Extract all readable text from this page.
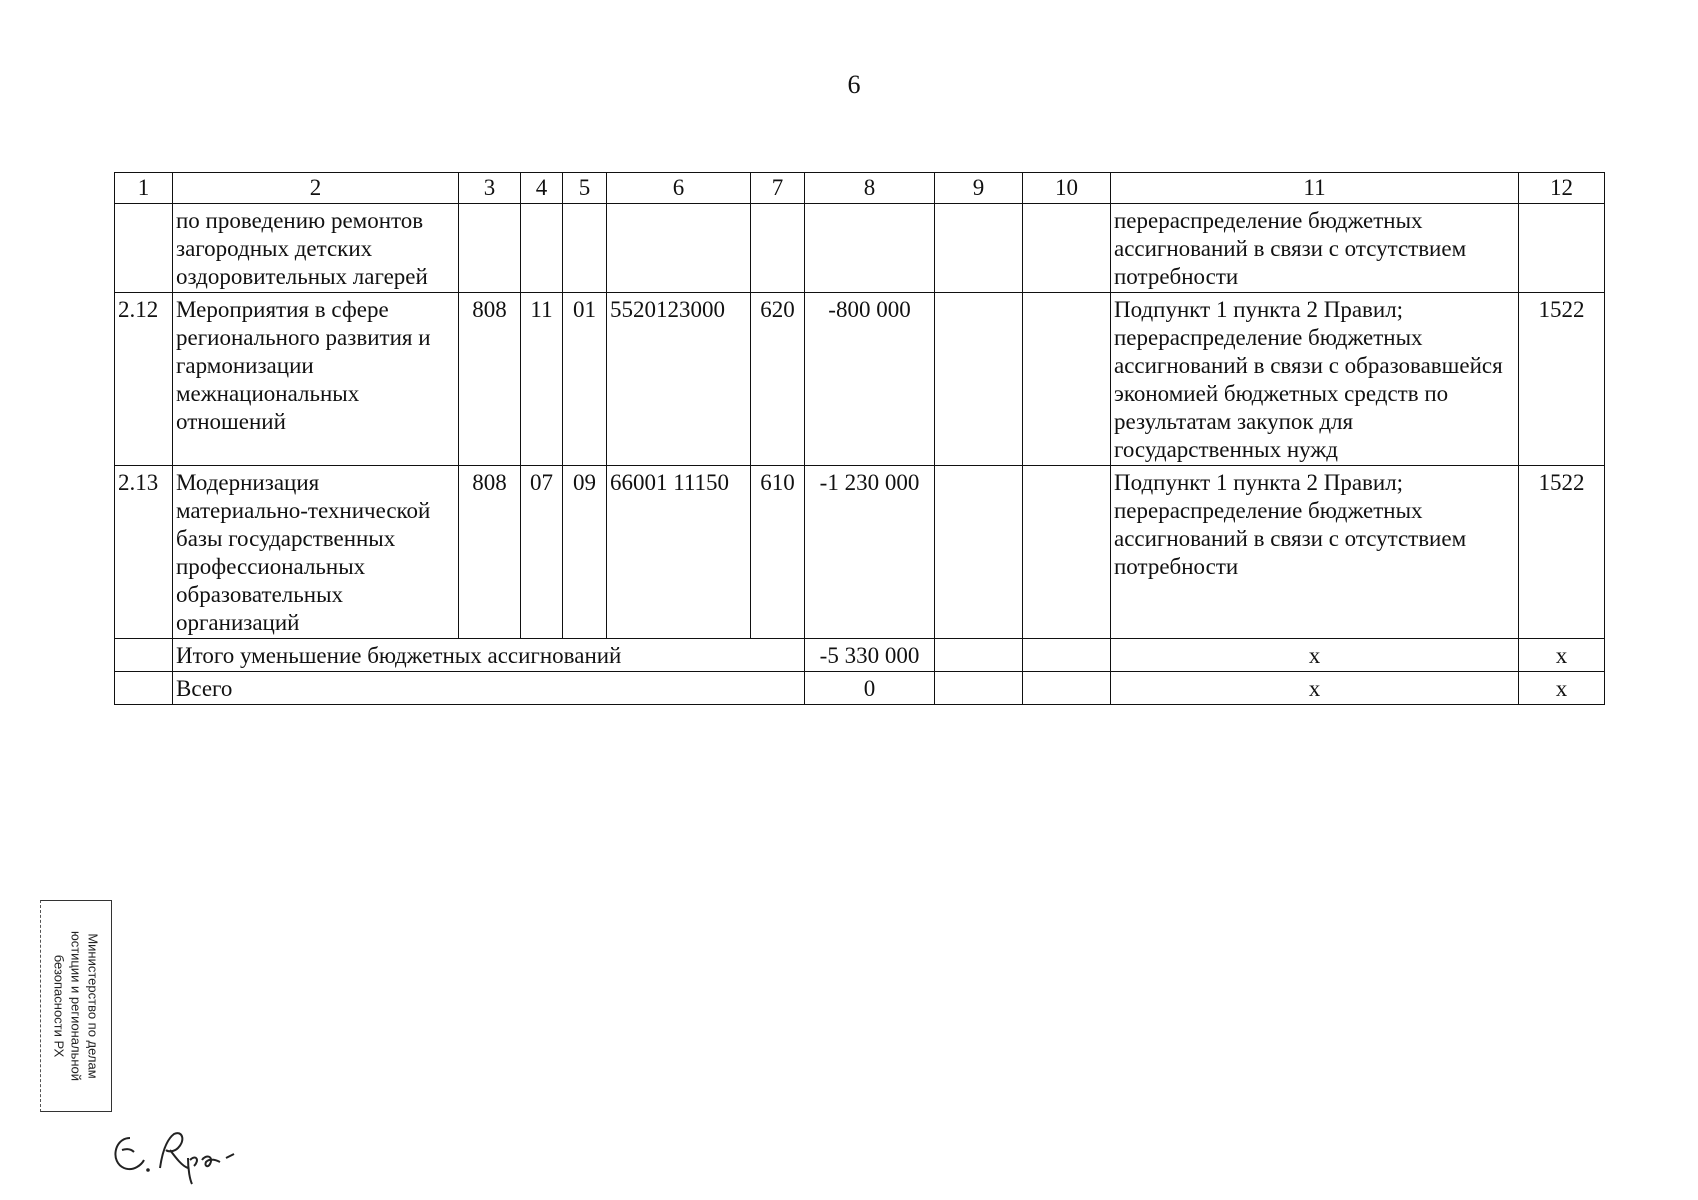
6
1	2	3	4	5	6	7	8	9	10	11	12
	по проведению ремонтов загородных детских оздоровительных лагерей									перераспределение бюджетных ассигнований в связи с отсутствием потребности	
2.12	Мероприятия в сфере регионального развития и гармонизации межнациональных отношений	808	11	01	5520123000	620	-800 000			Подпункт 1 пункта 2 Правил; перераспределение бюджетных ассигнований в связи с образовавшейся экономией бюджетных средств по результатам закупок для государственных нужд	1522
2.13	Модернизация материально-технической базы государственных профессиональных образовательных организаций	808	07	09	66001 11150	610	-1 230 000			Подпункт 1 пункта 2 Правил; перераспределение бюджетных ассигнований в связи с отсутствием потребности	1522
	Итого уменьшение бюджетных ассигнований						-5 330 000			х	х
	Всего						0			х	х
Министерство по делам
юстиции и региональной
безопасности РХ
